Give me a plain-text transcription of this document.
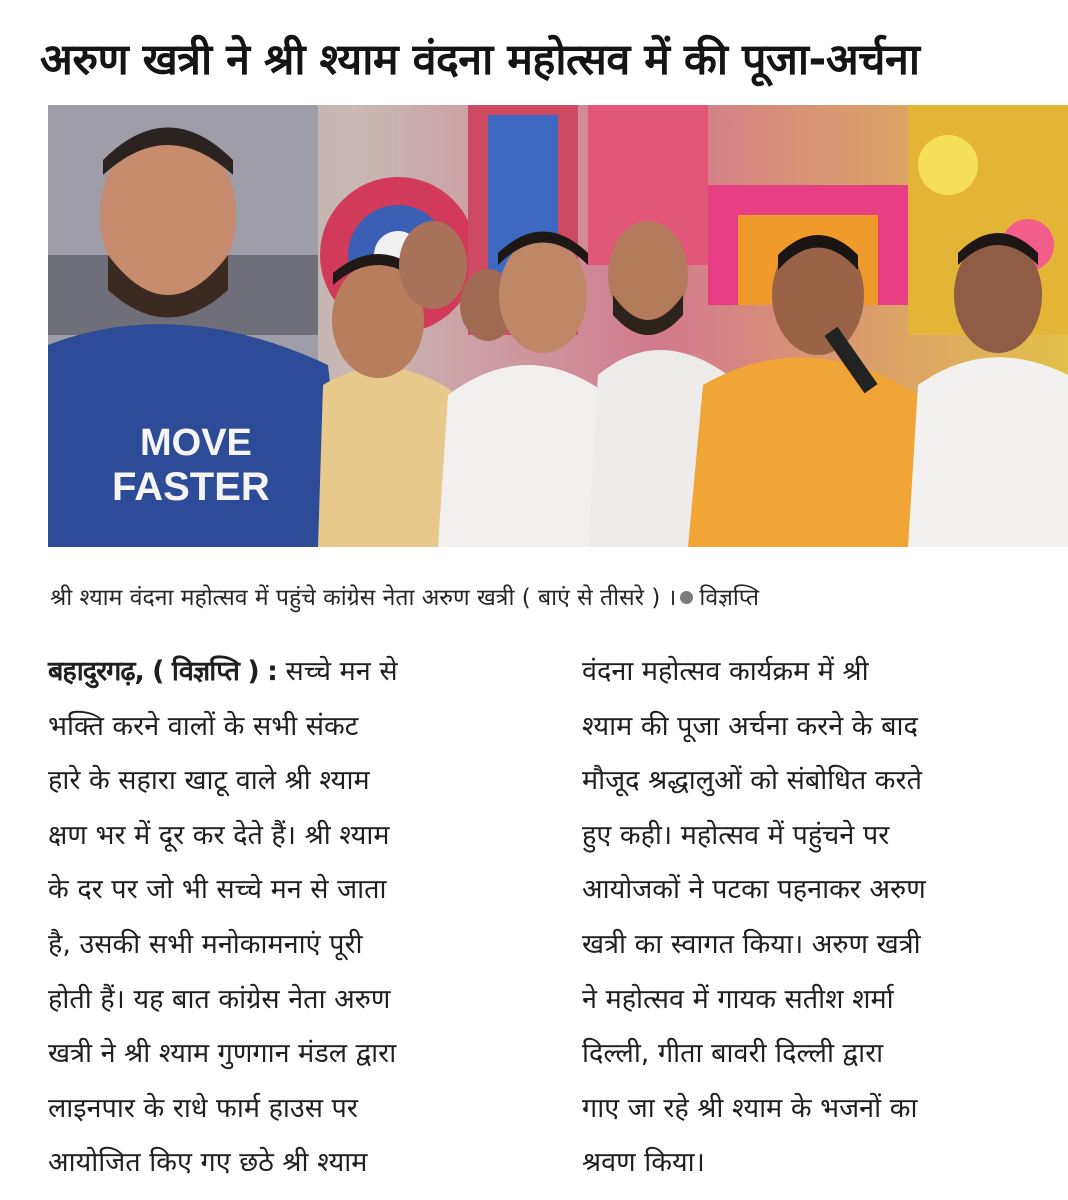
अरुण खत्री ने श्री श्याम वंदना महोत्सव में की पूजा-अर्चना
MOVE
FASTER
श्री श्याम वंदना महोत्सव में पहुंचे कांग्रेस नेता अरुण खत्री ( बाएं से तीसरे ) । विज्ञप्ति
बहादुरगढ़, ( विज्ञप्ति ) : सच्चे मन से
भक्ति करने वालों के सभी संकट
हारे के सहारा खाटू वाले श्री श्याम
क्षण भर में दूर कर देते हैं। श्री श्याम
के दर पर जो भी सच्चे मन से जाता
है, उसकी सभी मनोकामनाएं पूरी
होती हैं। यह बात कांग्रेस नेता अरुण
खत्री ने श्री श्याम गुणगान मंडल द्वारा
लाइनपार के राधे फार्म हाउस पर
आयोजित किए गए छठे श्री श्याम
वंदना महोत्सव कार्यक्रम में श्री
श्याम की पूजा अर्चना करने के बाद
मौजूद श्रद्धालुओं को संबोधित करते
हुए कही। महोत्सव में पहुंचने पर
आयोजकों ने पटका पहनाकर अरुण
खत्री का स्वागत किया। अरुण खत्री
ने महोत्सव में गायक सतीश शर्मा
दिल्ली, गीता बावरी दिल्ली द्वारा
गाए जा रहे श्री श्याम के भजनों का
श्रवण किया।
